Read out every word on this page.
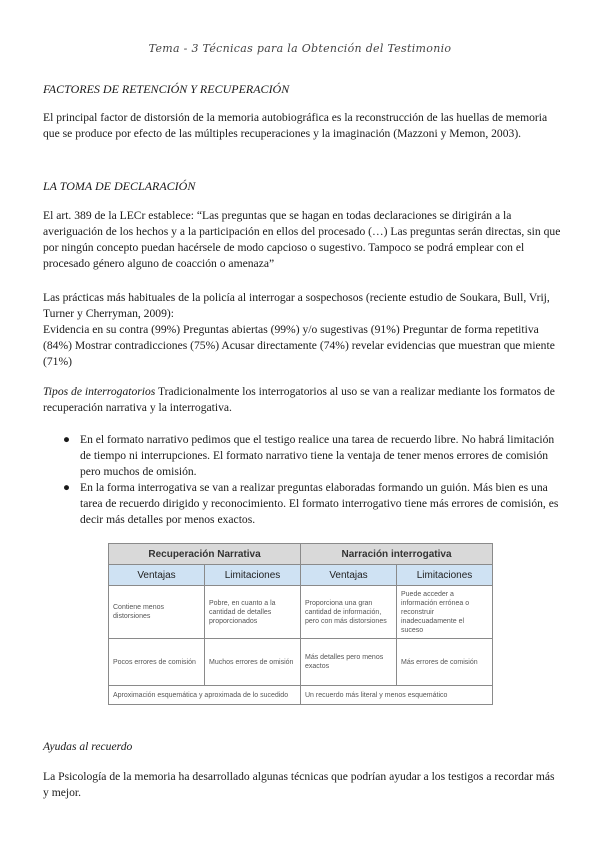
Tema - 3 Técnicas para la Obtención del Testimonio
FACTORES DE RETENCIÓN Y RECUPERACIÓN
El principal factor de distorsión de la memoria autobiográfica es la reconstrucción de las huellas de memoria que se produce por efecto de las múltiples recuperaciones y la imaginación (Mazzoni y Memon, 2003).
LA TOMA DE DECLARACIÓN
El art. 389 de la LECr establece: “Las preguntas que se hagan en todas declaraciones se dirigirán a la averiguación de los hechos y a la participación en ellos del procesado (…) Las preguntas serán directas, sin que por ningún concepto puedan hacérsele de modo capcioso o sugestivo. Tampoco se podrá emplear con el procesado género alguno de coacción o amenaza”
Las prácticas más habituales de la policía al interrogar a sospechosos (reciente estudio de Soukara, Bull, Vrij, Turner y Cherryman, 2009):
Evidencia en su contra (99%) Preguntas abiertas (99%) y/o sugestivas (91%) Preguntar de forma repetitiva (84%) Mostrar contradicciones (75%) Acusar directamente (74%) revelar evidencias que muestran que miente (71%)
Tipos de interrogatorios Tradicionalmente los interrogatorios al uso se van a realizar mediante los formatos de recuperación narrativa y la interrogativa.
● En el formato narrativo pedimos que el testigo realice una tarea de recuerdo libre. No habrá limitación de tiempo ni interrupciones. El formato narrativo tiene la ventaja de tener menos errores de comisión pero muchos de omisión.
● En la forma interrogativa se van a realizar preguntas elaboradas formando un guión. Más bien es una tarea de recuerdo dirigido y reconocimiento. El formato interrogativo tiene más errores de comisión, es decir más detalles por menos exactos.
Recuperación Narrativa		Narración interrogativa	
Ventajas	Limitaciones	Ventajas	Limitaciones
Contiene menos distorsiones	Pobre, en cuanto a la cantidad de detalles proporcionados	Proporciona una gran cantidad de información, pero con más distorsiones	Puede acceder a información errónea o reconstruir inadecuadamente el suceso
Pocos errores de comisión	Muchos errores de omisión	Más detalles pero menos exactos	Más errores de comisión
Aproximación esquemática y aproximada de lo sucedido		Un recuerdo más literal y menos esquemático	
Ayudas al recuerdo
La Psicología de la memoria ha desarrollado algunas técnicas que podrían ayudar a los testigos a recordar más y mejor.
